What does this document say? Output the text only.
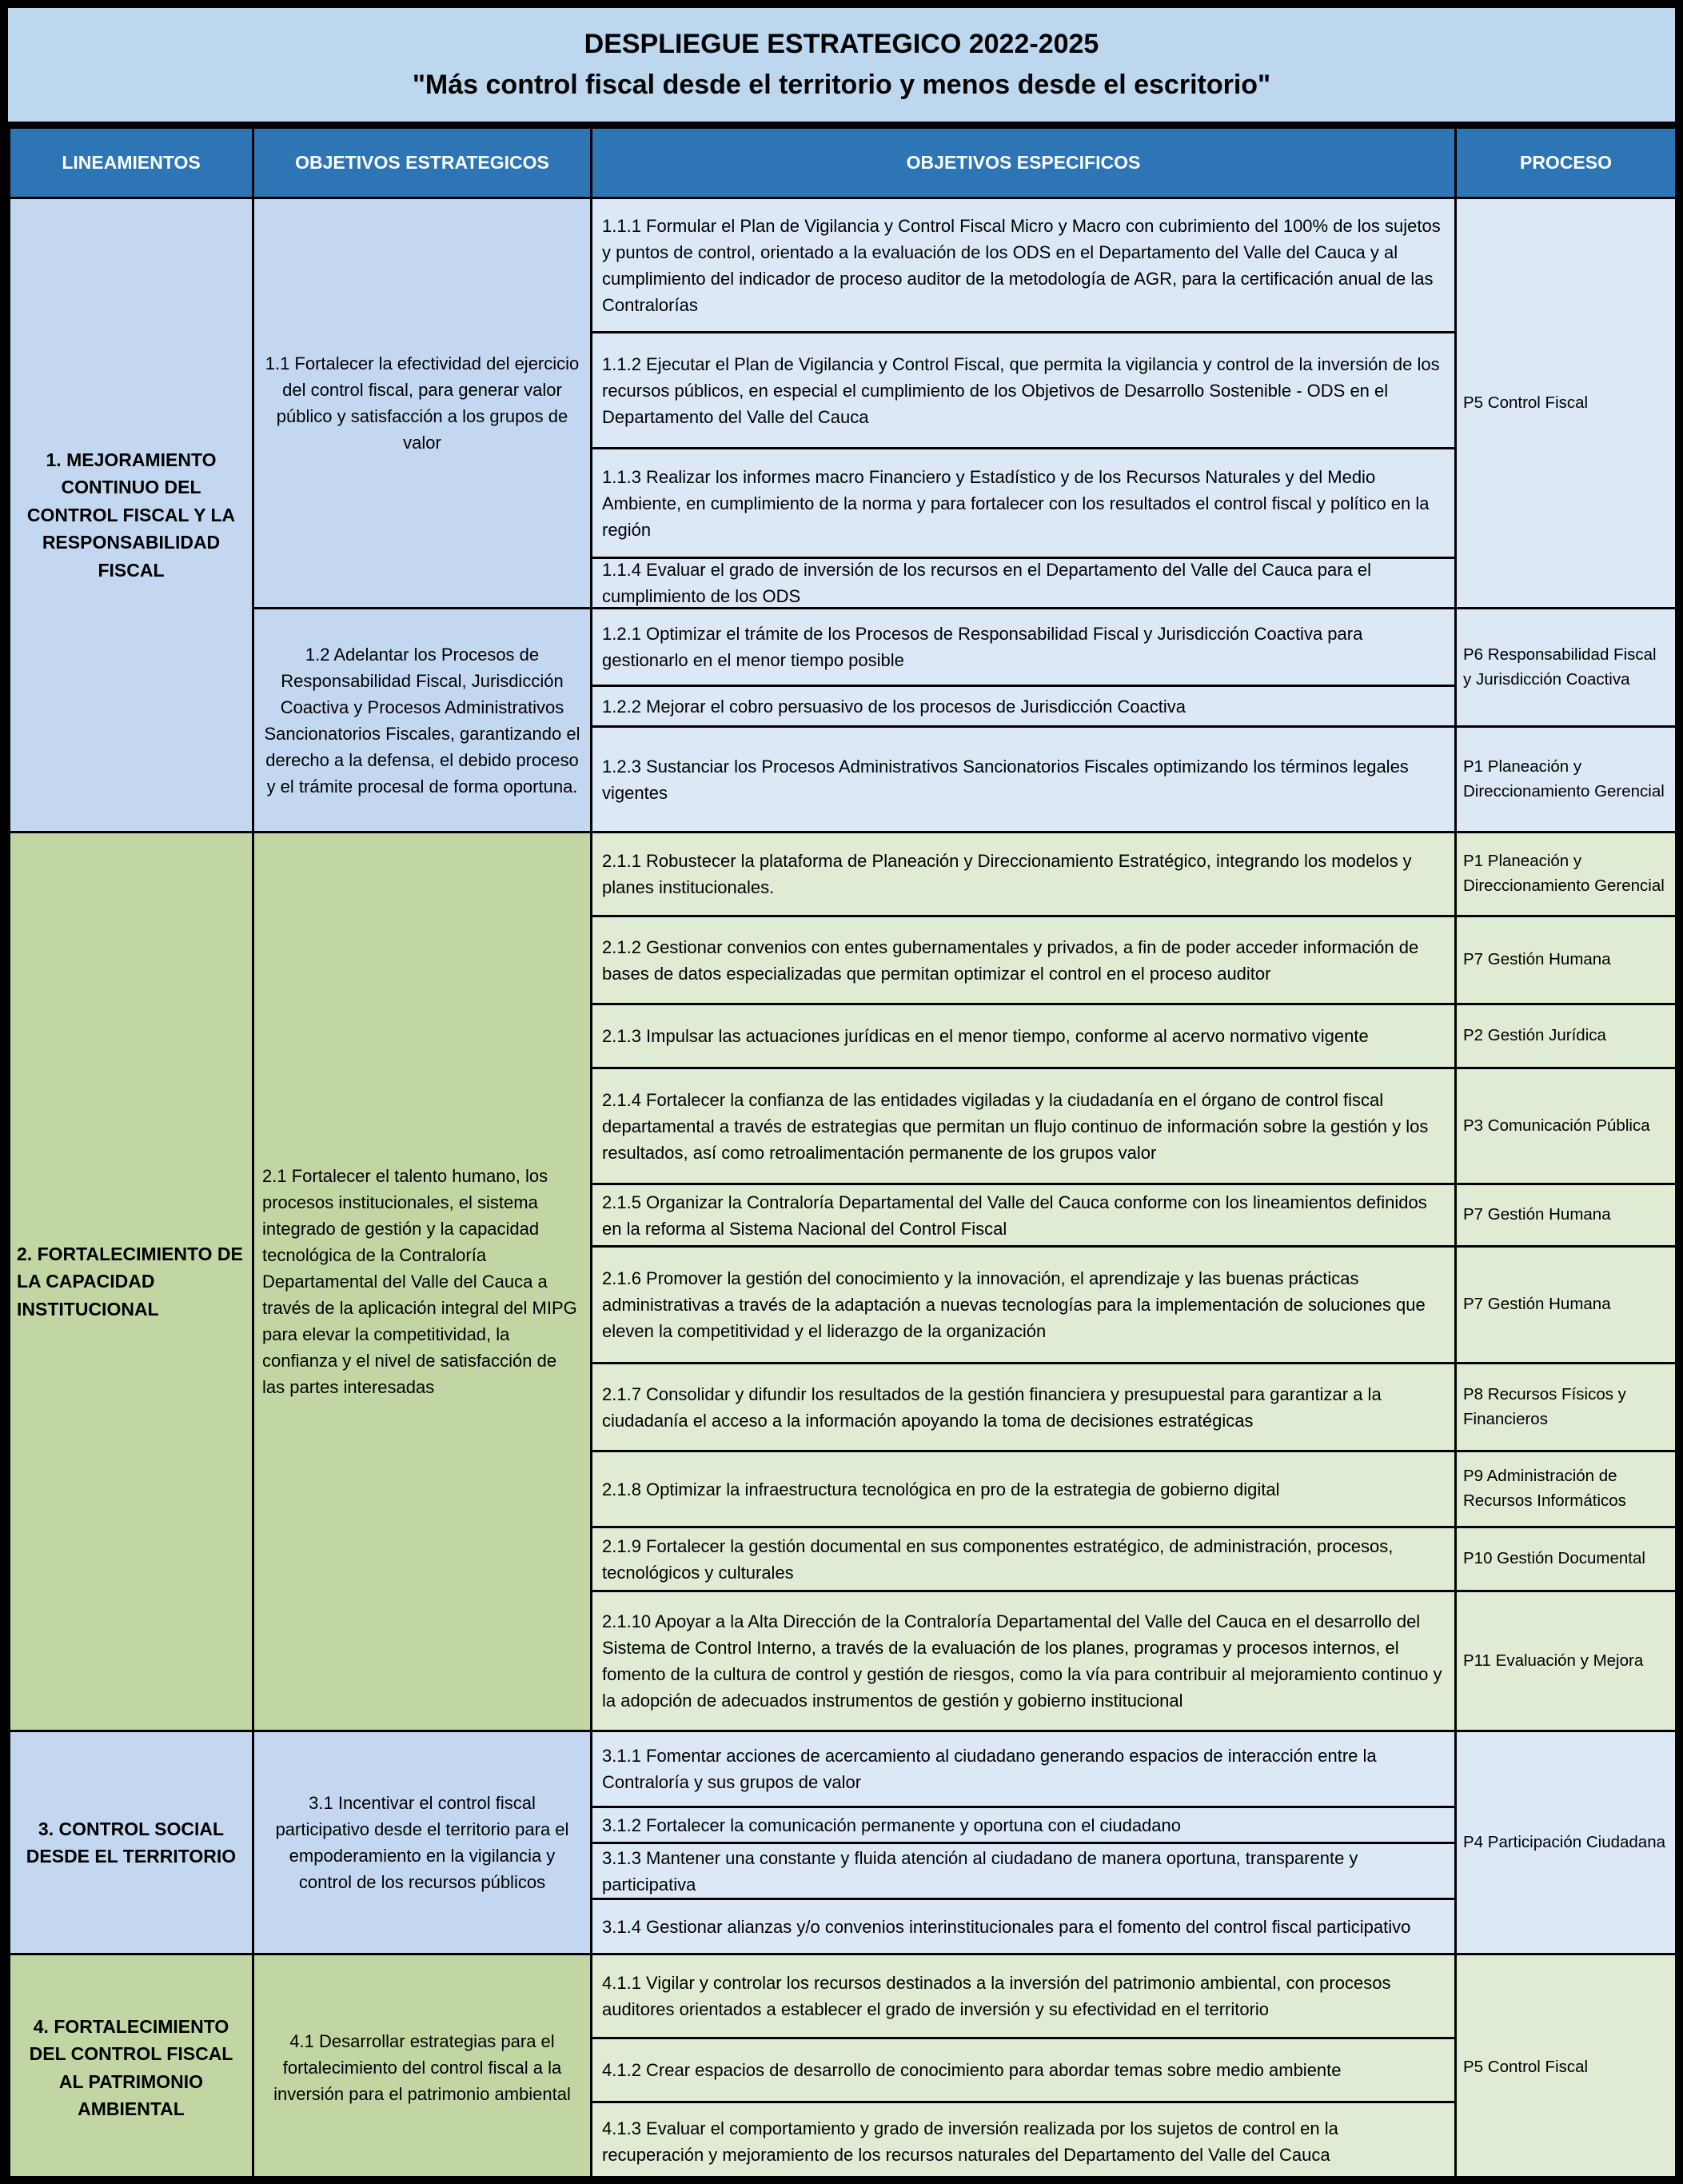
DESPLIEGUE ESTRATEGICO 2022-2025
"Más control fiscal desde el territorio y menos desde el escritorio"
LINEAMIENTOS	OBJETIVOS ESTRATEGICOS	OBJETIVOS ESPECIFICOS	PROCESO
1. MEJORAMIENTO CONTINUO DEL CONTROL FISCAL Y LA RESPONSABILIDAD FISCAL	1.1 Fortalecer la efectividad del ejercicio del control fiscal, para generar valor público y satisfacción a los grupos de valor	1.1.1 Formular el Plan de Vigilancia y Control Fiscal Micro y Macro con cubrimiento del 100% de los sujetos y puntos de control, orientado a la evaluación de los ODS en el Departamento del Valle del Cauca y al cumplimiento del indicador de proceso auditor de la metodología de AGR, para la certificación anual de las Contralorías	P5 Control Fiscal

1.1.2 Ejecutar el Plan de Vigilancia y Control Fiscal, que permita la vigilancia y control de la inversión de los recursos públicos, en especial el cumplimiento de los Objetivos de Desarrollo Sostenible - ODS en el Departamento del Valle del Cauca	

1.1.3 Realizar los informes macro Financiero y Estadístico y de los Recursos Naturales y del Medio Ambiente, en cumplimiento de la norma y para fortalecer con los resultados el control fiscal y político en la región	

1.1.4 Evaluar el grado de inversión de los recursos en el Departamento del Valle del Cauca para el cumplimiento de los ODS	

	1.2 Adelantar los Procesos de Responsabilidad Fiscal, Jurisdicción Coactiva y Procesos Administrativos Sancionatorios Fiscales, garantizando el derecho a la defensa, el debido proceso y el trámite procesal de forma oportuna.	1.2.1 Optimizar el trámite de los Procesos de Responsabilidad Fiscal y Jurisdicción Coactiva para gestionarlo en el menor tiempo posible	P6 Responsabilidad Fiscal y Jurisdicción Coactiva

1.2.2 Mejorar el cobro persuasivo de los procesos de Jurisdicción Coactiva	

1.2.3 Sustanciar los Procesos Administrativos Sancionatorios Fiscales optimizando los términos legales vigentes	P1 Planeación y Direccionamiento Gerencial
2. FORTALECIMIENTO DE LA CAPACIDAD INSTITUCIONAL	2.1 Fortalecer el talento humano, los procesos institucionales, el sistema integrado de gestión y la capacidad tecnológica de la Contraloría Departamental del Valle del Cauca a través de la aplicación integral del MIPG para elevar la competitividad, la confianza y el nivel de satisfacción de las partes interesadas	2.1.1 Robustecer la plataforma de Planeación y Direccionamiento Estratégico, integrando los modelos y planes institucionales.	P1 Planeación y Direccionamiento Gerencial

2.1.2 Gestionar convenios con entes gubernamentales y privados, a fin de poder acceder información de bases de datos especializadas que permitan optimizar el control en el proceso auditor	P7 Gestión Humana

2.1.3 Impulsar las actuaciones jurídicas en el menor tiempo, conforme al acervo normativo vigente	P2 Gestión Jurídica

2.1.4 Fortalecer la confianza de las entidades vigiladas y la ciudadanía en el órgano de control fiscal departamental a través de estrategias que permitan un flujo continuo de información sobre la gestión y los resultados, así como retroalimentación permanente de los grupos valor	P3 Comunicación Pública

2.1.5 Organizar la Contraloría Departamental del Valle del Cauca conforme con los lineamientos definidos en la reforma al Sistema Nacional del Control Fiscal	P7 Gestión Humana

2.1.6 Promover la gestión del conocimiento y la innovación, el aprendizaje y las buenas prácticas administrativas a través de la adaptación a nuevas tecnologías para la implementación de soluciones que eleven la competitividad y el liderazgo de la organización	P7 Gestión Humana

2.1.7 Consolidar y difundir los resultados de la gestión financiera y presupuestal para garantizar a la ciudadanía el acceso a la información apoyando la toma de decisiones estratégicas	P8 Recursos Físicos y Financieros

2.1.8 Optimizar la infraestructura tecnológica en pro de la estrategia de gobierno digital	P9 Administración de Recursos Informáticos

2.1.9 Fortalecer la gestión documental en sus componentes estratégico, de administración, procesos, tecnológicos y culturales	P10 Gestión Documental

2.1.10 Apoyar a la Alta Dirección de la Contraloría Departamental del Valle del Cauca en el desarrollo del Sistema de Control Interno, a través de la evaluación de los planes, programas y procesos internos, el fomento de la cultura de control y gestión de riesgos, como la vía para contribuir al mejoramiento continuo y la adopción de adecuados instrumentos de gestión y gobierno institucional	P11 Evaluación y Mejora
3. CONTROL SOCIAL DESDE EL TERRITORIO	3.1 Incentivar el control fiscal participativo desde el territorio para el empoderamiento en la vigilancia y control de los recursos públicos	3.1.1 Fomentar acciones de acercamiento al ciudadano generando espacios de interacción entre la Contraloría y sus grupos de valor	P4 Participación Ciudadana

3.1.2 Fortalecer la comunicación permanente y oportuna con el ciudadano	

3.1.3 Mantener una constante y fluida atención al ciudadano de manera oportuna, transparente y participativa	

3.1.4 Gestionar alianzas y/o convenios interinstitucionales para el fomento del control fiscal participativo	

4. FORTALECIMIENTO DEL CONTROL FISCAL AL PATRIMONIO AMBIENTAL	4.1 Desarrollar estrategias para el fortalecimiento del control fiscal a la inversión para el patrimonio ambiental	4.1.1 Vigilar y controlar los recursos destinados a la inversión del patrimonio ambiental, con procesos auditores orientados a establecer el grado de inversión y su efectividad en el territorio	P5 Control Fiscal

4.1.2 Crear espacios de desarrollo de conocimiento para abordar temas sobre medio ambiente	

4.1.3 Evaluar el comportamiento y grado de inversión realizada por los sujetos de control en la recuperación y mejoramiento de los recursos naturales del Departamento del Valle del Cauca	
